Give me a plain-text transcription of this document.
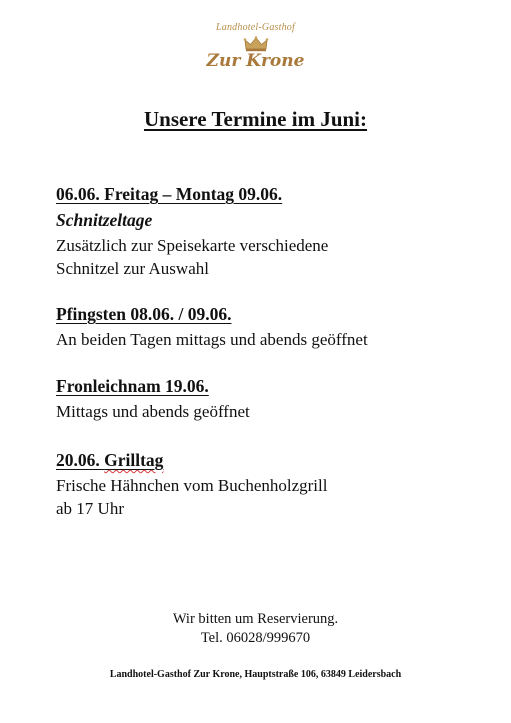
Landhotel-Gasthof
Zur Krone
Unsere Termine im Juni:
06.06. Freitag – Montag 09.06.
Schnitzeltage
Zusätzlich zur Speisekarte verschiedene
Schnitzel zur Auswahl
Pfingsten 08.06. / 09.06.
An beiden Tagen mittags und abends geöffnet
Fronleichnam 19.06.
Mittags und abends geöffnet
20.06. Grilltag
Frische Hähnchen vom Buchenholzgrill
ab 17 Uhr
Wir bitten um Reservierung.
Tel. 06028/999670
Landhotel-Gasthof Zur Krone, Hauptstraße 106, 63849 Leidersbach
